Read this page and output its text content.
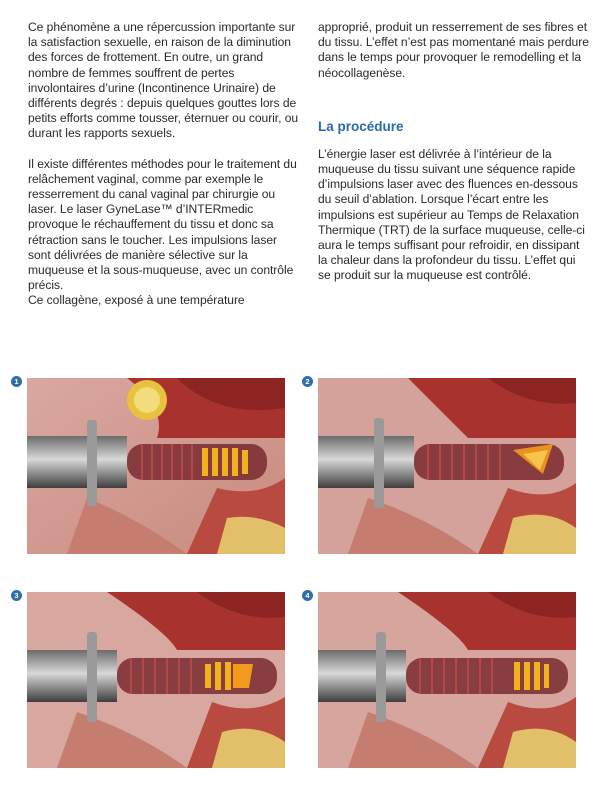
Ce phénomène a une répercussion importante sur la satisfaction sexuelle, en raison de la diminution des forces de frottement. En outre, un grand nombre de femmes souffrent de pertes involontaires d’urine (Incontinence Urinaire) de différents degrés : depuis quelques gouttes lors de petits efforts comme tousser, éternuer ou courir, ou durant les rapports sexuels.

Il existe différentes méthodes pour le traitement du relâchement vaginal, comme par exemple le resserrement du canal vaginal par chirurgie ou laser. Le laser GyneLase™ d’INTERmedic provoque le réchauffement du tissu et donc sa rétraction sans le toucher. Les impulsions laser sont délivrées de manière sélective sur la muqueuse et la sous-muqueuse, avec un contrôle précis.

Ce collagène, exposé à une température

approprié, produit un resserrement de ses fibres et du tissu. L’effet n’est pas momentané mais perdure dans le temps pour provoquer le remodelling et la néocollagenèse.

La procédure

L’énergie laser est délivrée à l’intérieur de la muqueuse du tissu suivant une séquence rapide d’impulsions laser avec des fluences en-dessous du seuil d’ablation. Lorsque l’écart entre les impulsions est supérieur au Temps de Relaxation Thermique (TRT) de la surface muqueuse, celle-ci aura le temps suffisant pour refroidir, en dissipant la chaleur dans la profondeur du tissu. L’effet qui se produit sur la muqueuse est contrôlé.

1	2
3	4
